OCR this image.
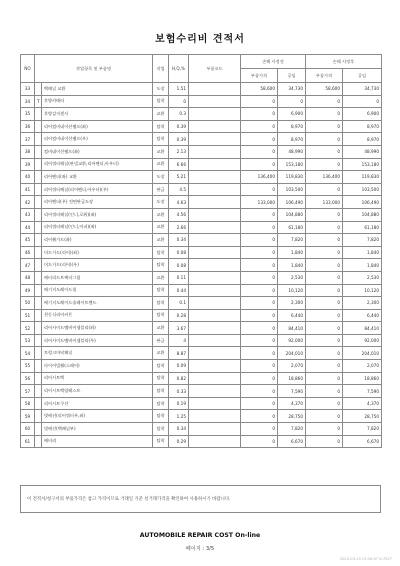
보험수리비 견적서
NO	작업항목 및 부품명		작업	H,Q,%	부품코드	손해 사정전		손해 사정후	
						부품가격	공임	부품가격	공임
33		백패널 교환	도장	1.51		58,600	34,730	58,600	34,730
34	T	후방카메라	탈착	0		0	0	0	0
35		후방감지센서	교환	0.3		0	6,900	0	6,900
36		리어컴비네이션램프(좌)	탈착	0.39		0	8,970	0	8,970
37		리어컴비네이션램프(우)	탈착	0.39		0	8,970	0	8,970
38		컴비네이션램프(좌)	교환	2.13		0	48,990	0	48,990
39		리어쿼터패널(판넬교환,리어펜더,아우터)	교환	6.66		0	153,180	0	153,180
40		리어펜더(좌) 교환	도장	5.21		136,400	119,830	136,400	119,830
41		리어쿼터패널(리어펜더,아우터)(우)	판금	4.5		0	103,500	0	103,500
42		리어펜더(우) 전면판금도장	도장	4.63		133,000	106,490	133,000	106,490
43		리어쿼터패널(인너,로워)(좌)	교환	4.56		0	104,880	0	104,880
44		리어쿼터패널(인너,어퍼)(좌)	교환	2.66		0	61,180	0	61,180
45		리어휠가드(좌)	교환	0.34		0	7,820	0	7,820
46		머드가드(리어)(좌)	탈착	0.08		0	1,840	0	1,840
47		머드가드(리어)(우)	탈착	0.08		0	1,840	0	1,840
48		배터리드트랙터그릴	교환	0.11		0	2,530	0	2,530
49		배기지도레이드림	탈착	0.44		0	10,120	0	10,120
50		배기지도레이드솔레이트밴드	탈착	0.1		0	2,300	0	2,300
51		천동식리어커튼	탈착	0.28		0	6,440	0	6,440
52		리어사이드멤버어셈블리(좌)	교환	3.67		0	84,410	0	84,410
53		리어사이드멤버어셈블리(우)	판금	4		0	92,000	0	92,000
54		트렁크마닥패널	교환	8.87		0	204,010	0	204,010
55		타이어빌휠(스페어)	탈착	0.09		0	2,070	0	2,070
56		리어시트백	탈착	0.82		0	18,860	0	18,860
57		리어시트백암레스트	탈착	0.33		0	7,590	0	7,590
58		리어시트쿠션	탈착	0.19		0	4,370	0	4,370
59		빗배선(리어쿼터우,좌)	탈착	1.25		0	28,750	0	28,750
60		빗배선(백패널부)	탈착	0.34		0	7,820	0	7,820
61		배터리	탈착	0.29		0	6,670	0	6,670
이 견적서/청구서의 부품가격은 참고 가격이므로 거래일 기준 실거래가격을 확인하여 사용하시기 바랍니다.
AUTOMOBILE REPAIR COST On-line
페이지 : 3/5
2024-03-19 13:30:47 X:7027
